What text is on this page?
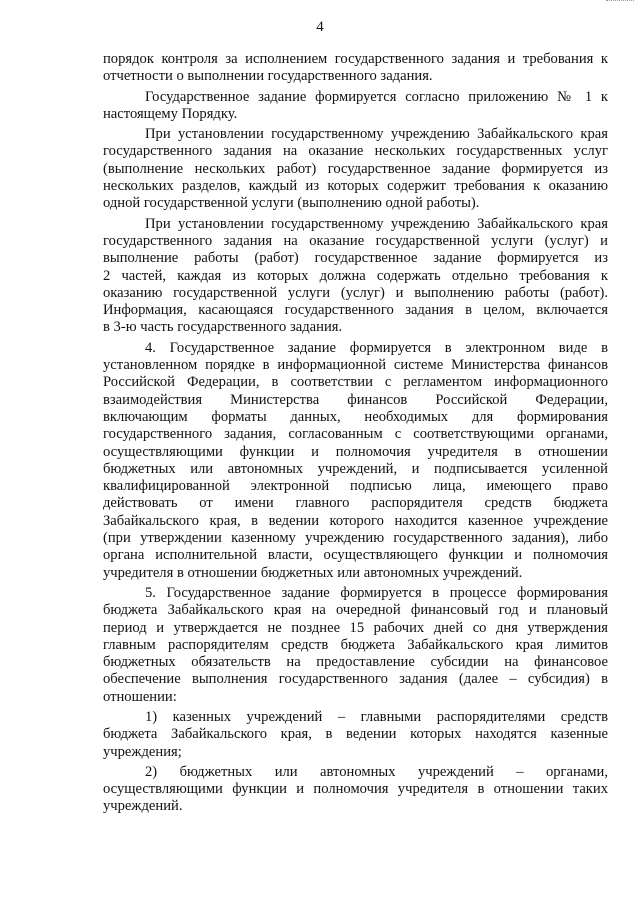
4
порядок контроля за исполнением государственного задания и требования к
отчетности о выполнении государственного задания.
Государственное задание формируется согласно приложению № 1 к
настоящему Порядку.
При установлении государственному учреждению Забайкальского края
государственного задания на оказание нескольких государственных услуг
(выполнение нескольких работ) государственное задание формируется из
нескольких разделов, каждый из которых содержит требования к оказанию
одной государственной услуги (выполнению одной работы).
При установлении государственному учреждению Забайкальского края
государственного задания на оказание государственной услуги (услуг) и
выполнение работы (работ) государственное задание формируется из
2 частей, каждая из которых должна содержать отдельно требования к
оказанию государственной услуги (услуг) и выполнению работы (работ).
Информация, касающаяся государственного задания в целом, включается
в 3-ю часть государственного задания.
4. Государственное задание формируется в электронном виде в
установленном порядке в информационной системе Министерства финансов
Российской Федерации, в соответствии с регламентом информационного
взаимодействия Министерства финансов Российской Федерации,
включающим форматы данных, необходимых для формирования
государственного задания, согласованным с соответствующими органами,
осуществляющими функции и полномочия учредителя в отношении
бюджетных или автономных учреждений, и подписывается усиленной
квалифицированной электронной подписью лица, имеющего право
действовать от имени главного распорядителя средств бюджета
Забайкальского края, в ведении которого находится казенное учреждение
(при утверждении казенному учреждению государственного задания), либо
органа исполнительной власти, осуществляющего функции и полномочия
учредителя в отношении бюджетных или автономных учреждений.
5. Государственное задание формируется в процессе формирования
бюджета Забайкальского края на очередной финансовый год и плановый
период и утверждается не позднее 15 рабочих дней со дня утверждения
главным распорядителям средств бюджета Забайкальского края лимитов
бюджетных обязательств на предоставление субсидии на финансовое
обеспечение выполнения государственного задания (далее – субсидия) в
отношении:
1) казенных учреждений – главными распорядителями средств
бюджета Забайкальского края, в ведении которых находятся казенные
учреждения;
2) бюджетных или автономных учреждений – органами,
осуществляющими функции и полномочия учредителя в отношении таких
учреждений.
